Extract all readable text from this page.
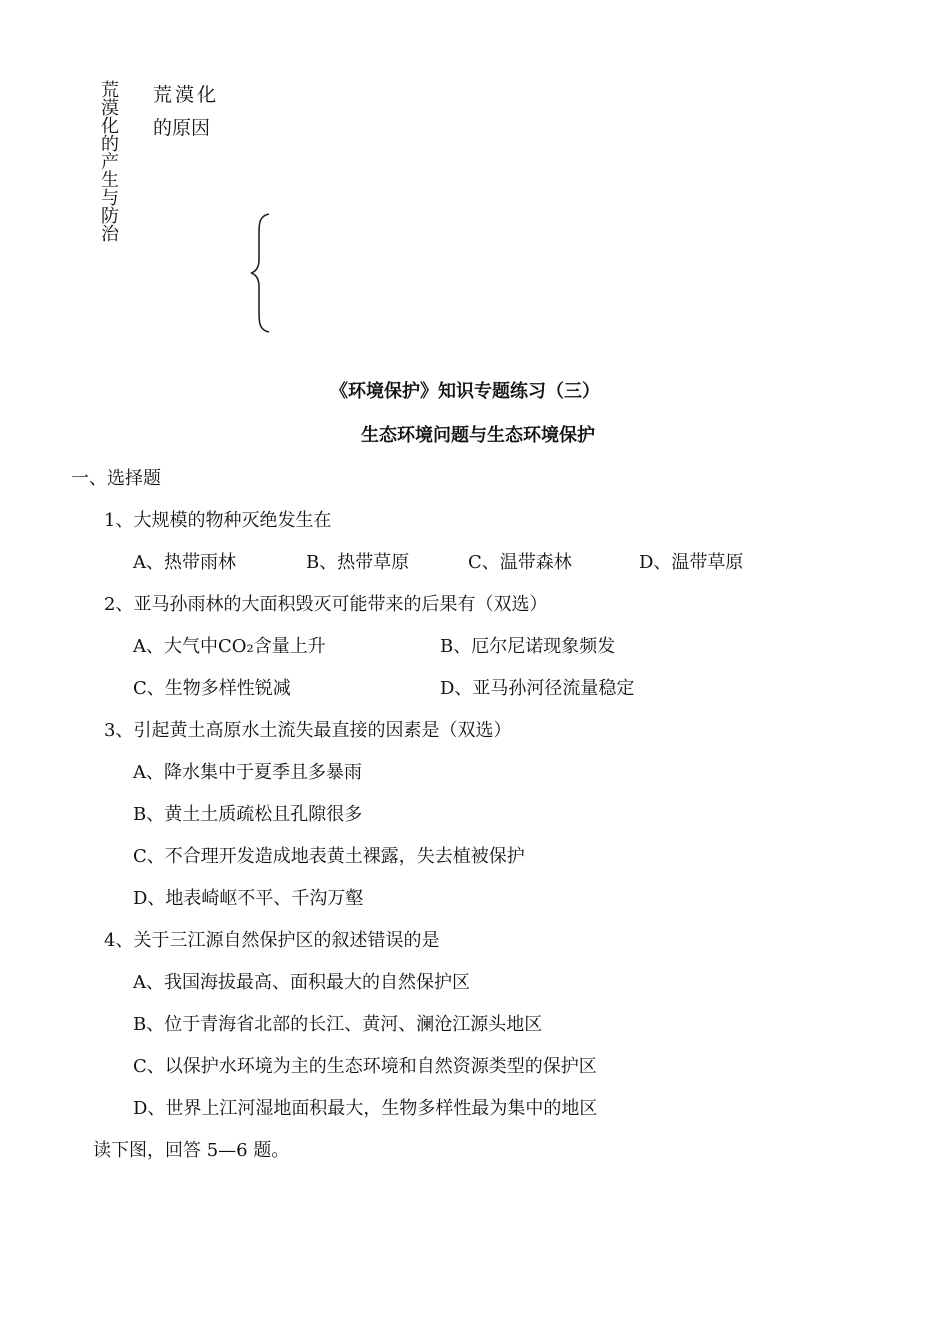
荒漠化的产生与防治 荒漠化
的原因
《环境保护》知识专题练习（三）
生态环境问题与生态环境保护
一、选择题
1、大规模的物种灭绝发生在
A、热带雨林	B、热带草原	C、温带森林	D、温带草原
2、亚马孙雨林的大面积毁灭可能带来的后果有（双选）
A、大气中CO₂含量上升	B、厄尔尼诺现象频发
C、生物多样性锐减	D、亚马孙河径流量稳定
3、引起黄土高原水土流失最直接的因素是（双选）
A、降水集中于夏季且多暴雨
B、黄土土质疏松且孔隙很多
C、不合理开发造成地表黄土裸露，失去植被保护
D、地表崎岖不平、千沟万壑
4、关于三江源自然保护区的叙述错误的是
A、我国海拔最高、面积最大的自然保护区
B、位于青海省北部的长江、黄河、澜沧江源头地区
C、以保护水环境为主的生态环境和自然资源类型的保护区
D、世界上江河湿地面积最大，生物多样性最为集中的地区
读下图，回答 5—6 题。
